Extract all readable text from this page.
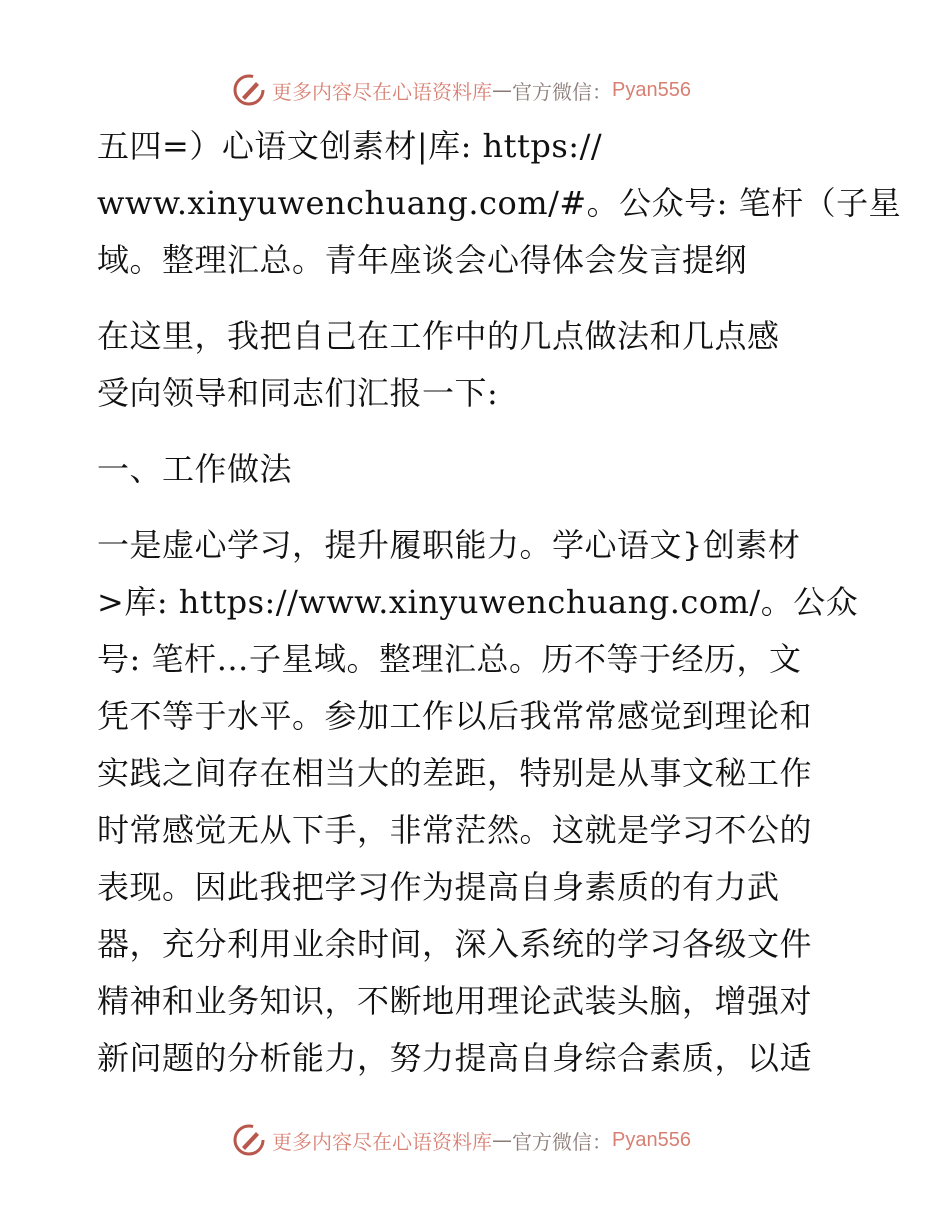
更多内容尽在心语资料库 — 官方微信： Pyan556
五四=）心语文创素材|库: https://
www.xinyuwenchuang.com/#。公众号: 笔杆（子星
域。整理汇总。青年座谈会心得体会发言提纲
在这里，我把自己在工作中的几点做法和几点感
受向领导和同志们汇报一下:
一、工作做法
一是虚心学习，提升履职能力。学心语文}创素材
>库: https://www.xinyuwenchuang.com/。公众
号: 笔杆…子星域。整理汇总。历不等于经历，文
凭不等于水平。参加工作以后我常常感觉到理论和
实践之间存在相当大的差距，特别是从事文秘工作
时常感觉无从下手，非常茫然。这就是学习不公的
表现。因此我把学习作为提高自身素质的有力武
器，充分利用业余时间，深入系统的学习各级文件
精神和业务知识，不断地用理论武装头脑，增强对
新问题的分析能力，努力提高自身综合素质，以适
更多内容尽在心语资料库 — 官方微信： Pyan556
